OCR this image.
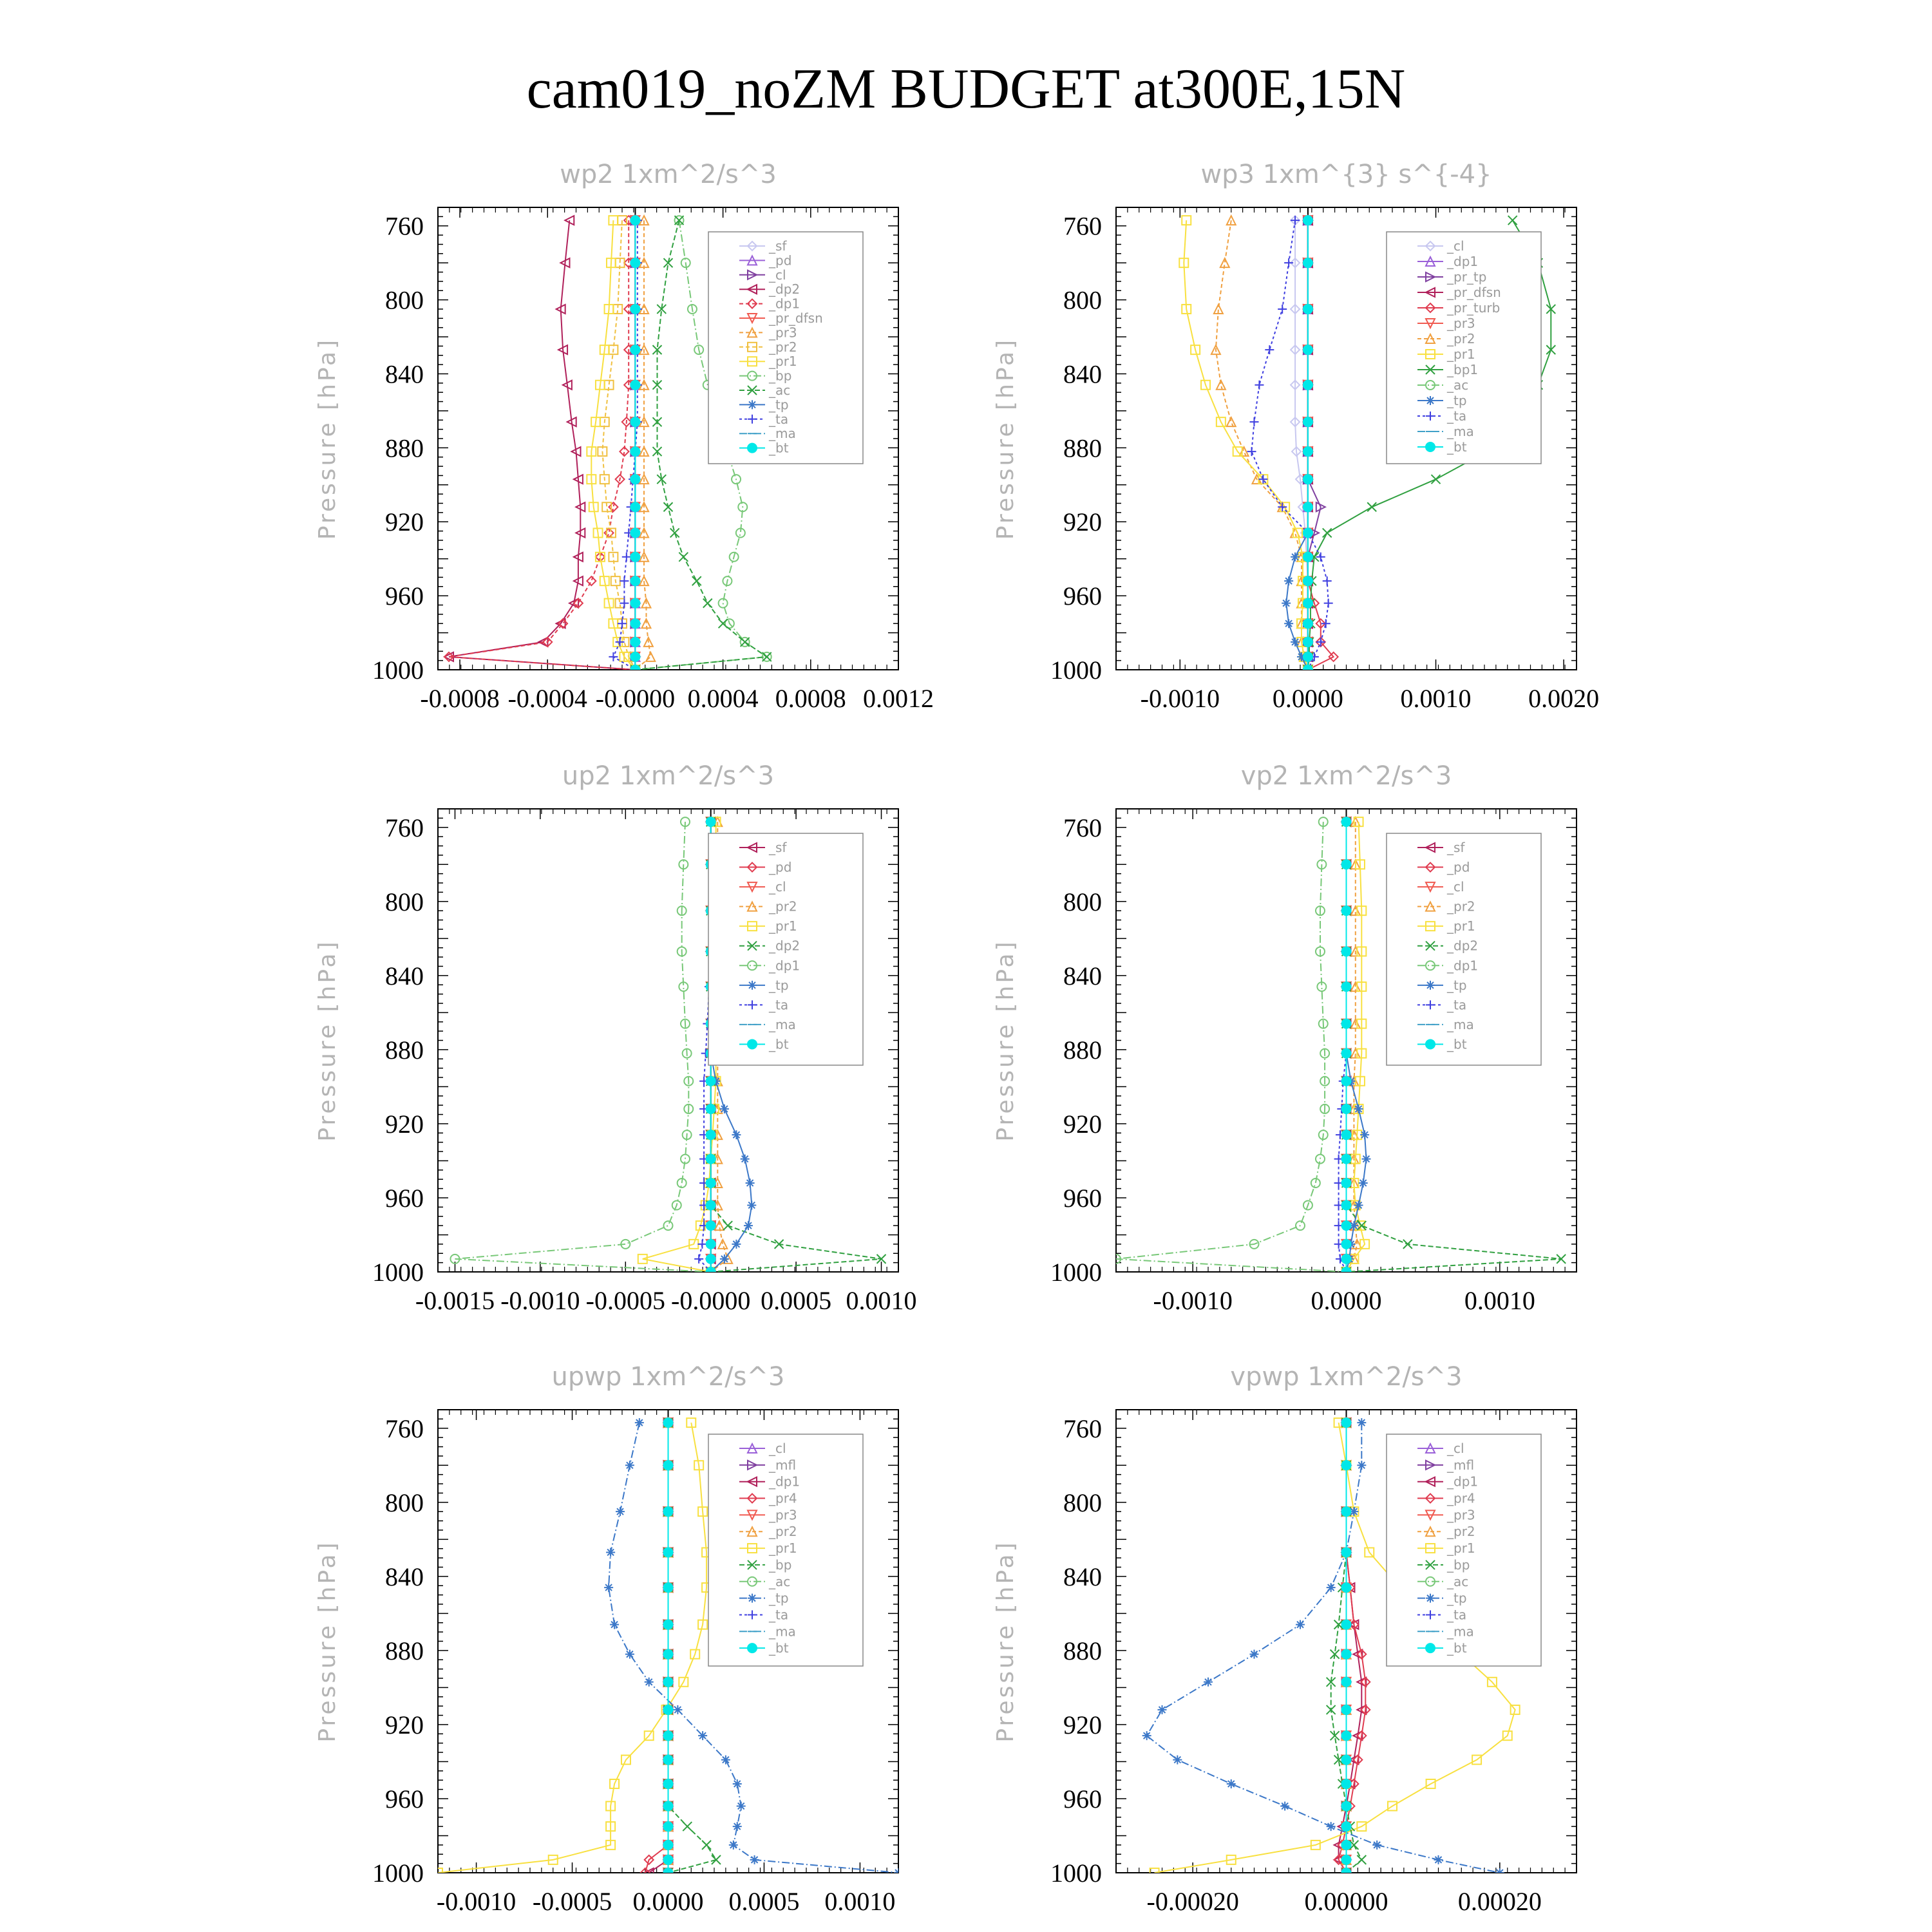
cam019_noZM BUDGET at300E,15N
wp2 1xm^2/s^3
Pressure [hPa]
760
800
840
880
920
960
1000
-0.0008 -0.0004 -0.0000 0.0004 0.0008 0.0012
_sf
_pd
_cl
_dp2
_dp1
_pr_dfsn
_pr3
_pr2
_pr1
_bp
_ac
_tp
_ta
_ma
_bt
wp3 1xm^{3} s^{-4}
Pressure [hPa]
760
800
840
880
920
960
1000
-0.0010 0.0000 0.0010 0.0020
_cl
_dp1
_pr_tp
_pr_dfsn
_pr_turb
_pr3
_pr2
_pr1
_bp1
_ac
_tp
_ta
_ma
_bt
up2 1xm^2/s^3
Pressure [hPa]
760
800
840
880
920
960
1000
-0.0015 -0.0010 -0.0005 -0.0000 0.0005 0.0010
_sf
_pd
_cl
_pr2
_pr1
_dp2
_dp1
_tp
_ta
_ma
_bt
vp2 1xm^2/s^3
Pressure [hPa]
760
800
840
880
920
960
1000
-0.0010	0.0000	0.0010
_sf
_pd
_cl
_pr2
_pr1
_dp2
_dp1
_tp
_ta
_ma
_bt
upwp 1xm^2/s^3
Pressure [hPa]
760
800
840
880
920
960
1000
-0.0010 -0.0005 0.0000 0.0005 0.0010
_cl
_mfl
_dp1
_pr4
_pr3
_pr2
_pr1
_bp
_ac
_tp
_ta
_ma
_bt
vpwp 1xm^2/s^3
Pressure [hPa]
760
800
840
880
920
960
1000
-0.00020	0.00000	0.00020
_cl
_mfl
_dp1
_pr4
_pr3
_pr2
_pr1
_bp
_ac
_tp
_ta
_ma
_bt
